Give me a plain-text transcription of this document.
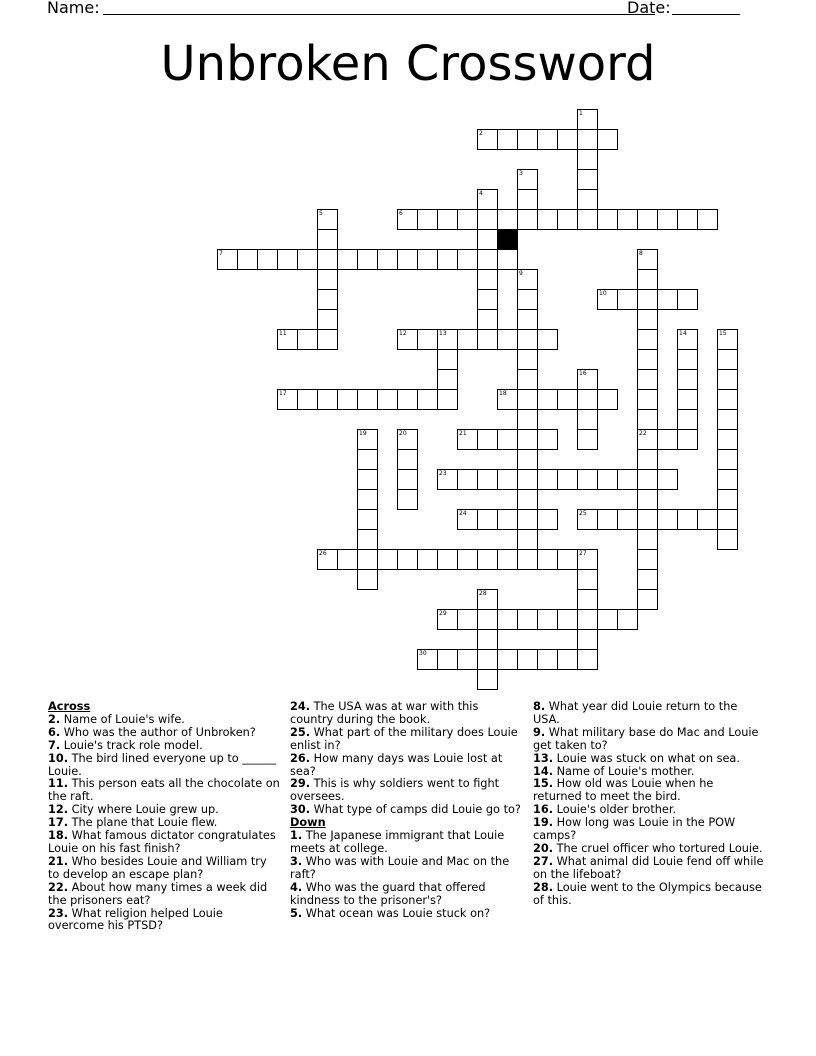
Name:	Date:
Unbroken Crossword
2
6
7
10
11	12	13
17	18
21	22
23
24	25
26	27
29
30
1
3
4
5
8
9
14	15
16
19	20
28
Across
2. Name of Louie's wife.
6. Who was the author of Unbroken?
7. Louie's track role model.
10. The bird lined everyone up to ______ Louie.
11. This person eats all the chocolate on the raft.
12. City where Louie grew up.
17. The plane that Louie flew.
18. What famous dictator congratulates Louie on his fast finish?
21. Who besides Louie and William try to develop an escape plan?
22. About how many times a week did the prisoners eat?
23. What religion helped Louie overcome his PTSD?
24. The USA was at war with this country during the book.
25. What part of the military does Louie enlist in?
26. How many days was Louie lost at sea?
29. This is why soldiers went to fight oversees.
30. What type of camps did Louie go to?
Down
1. The Japanese immigrant that Louie meets at college.
3. Who was with Louie and Mac on the raft?
4. Who was the guard that offered kindness to the prisoner's?
5. What ocean was Louie stuck on?
8. What year did Louie return to the USA.
9. What military base do Mac and Louie get taken to?
13. Louie was stuck on what on sea.
14. Name of Louie's mother.
15. How old was Louie when he returned to meet the bird.
16. Louie's older brother.
19. How long was Louie in the POW camps?
20. The cruel officer who tortured Louie.
27. What animal did Louie fend off while on the lifeboat?
28. Louie went to the Olympics because of this.
